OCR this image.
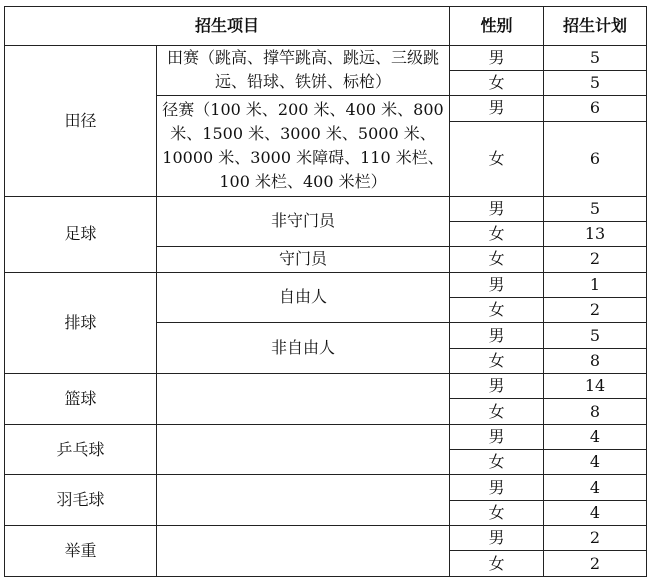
招生项目		性别	招生计划
田径	田赛（跳高、撑竿跳高、跳远、三级跳远、铅球、铁饼、标枪）	男	5
		女	5
	径赛（100 米、200 米、400 米、800 米、1500 米、3000 米、5000 米、10000 米、3000 米障碍、110 米栏、100 米栏、400 米栏）	男	6
		女	6
足球	非守门员	男	5
		女	13
	守门员	女	2
排球	自由人	男	1
		女	2
	非自由人	男	5
		女	8
篮球		男	14
		女	8
乒乓球		男	4
		女	4
羽毛球		男	4
		女	4
举重		男	2
		女	2
